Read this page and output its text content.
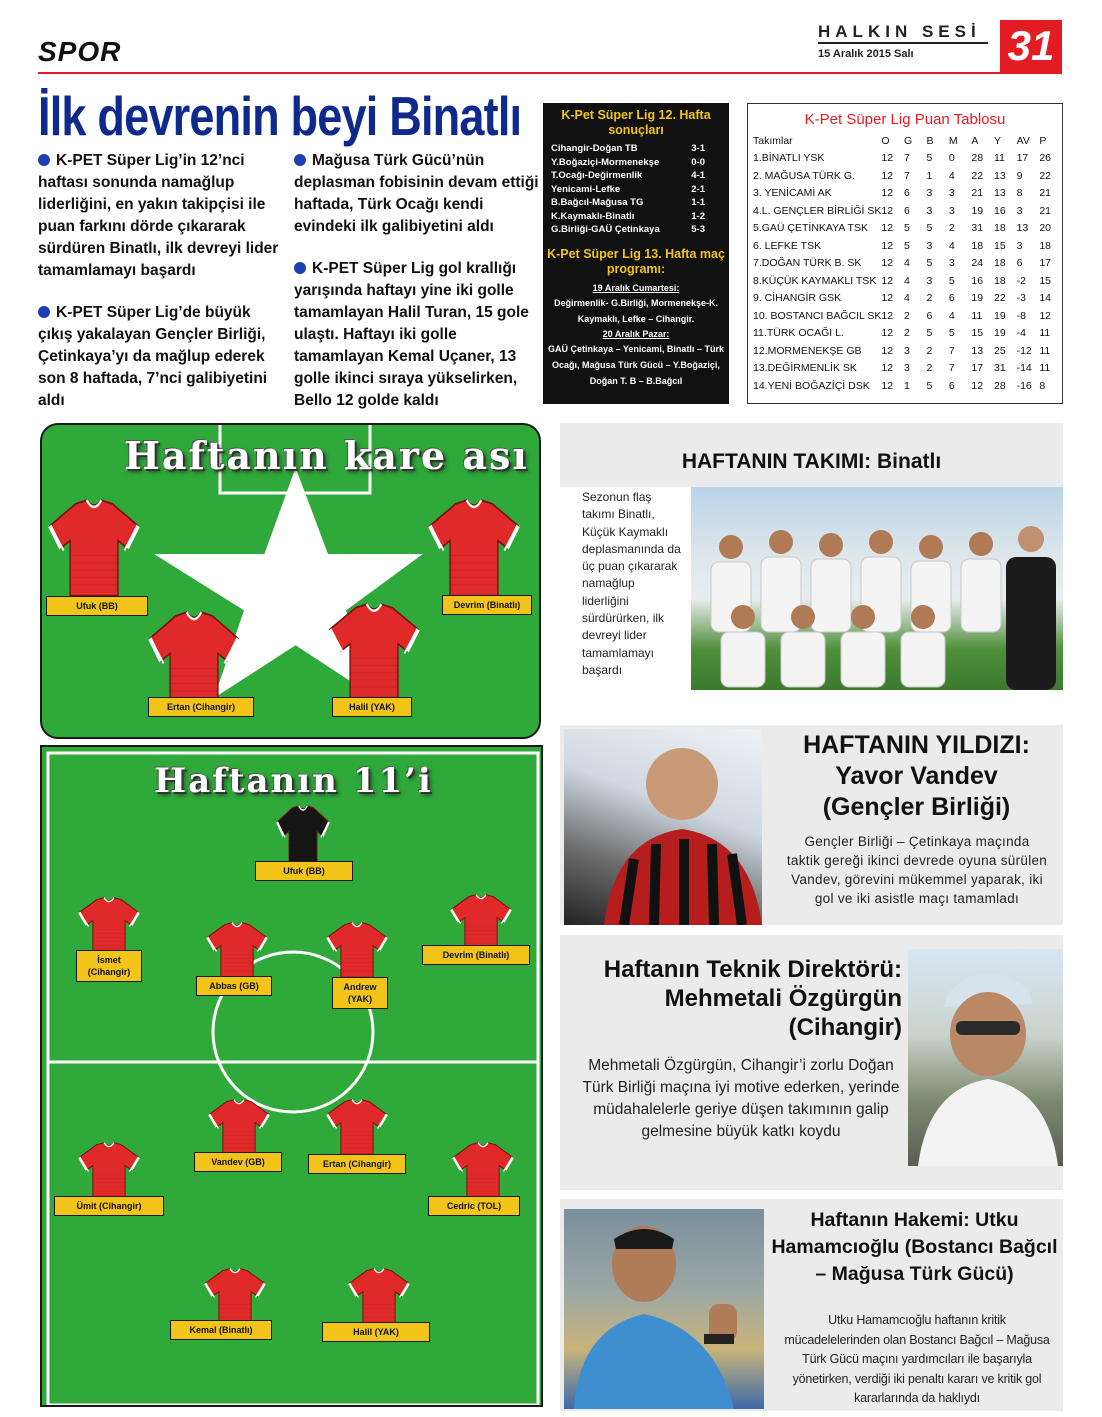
SPOR
HALKIN SESİ
15 Aralık 2015 Salı 31
İlk devrenin beyi Binatlı

K-PET Süper Lig’in 12’nci haftası sonunda namağlup liderliğini, en yakın takipçisi ile puan farkını dörde çıkararak sürdüren Binatlı, ilk devreyi lider tamamlamayı başardı

K-PET Süper Lig’de büyük çıkış yakalayan Gençler Birliği, Çetinkaya’yı da mağlup ederek son 8 haftada, 7’nci galibiyetini aldı

Mağusa Türk Gücü’nün deplasman fobisinin devam ettiği haftada, Türk Ocağı kendi evindeki ilk galibiyetini aldı

K-PET Süper Lig gol krallığı yarışında haftayı yine iki golle tamamlayan Halil Turan, 15 gole ulaştı. Haftayı iki golle tamamlayan Kemal Uçaner, 13 golle ikinci sıraya yükselirken, Bello 12 golde kaldı

K-Pet Süper Lig 12. Hafta sonuçları
Cihangir-Doğan TB	3-1
Y.Boğaziçi-Mormenekşe	0-0
T.Ocağı-Değirmenlik	4-1
Yenicami-Lefke	2-1
B.Bağcıl-Mağusa TG	1-1
K.Kaymaklı-Binatlı	1-2
G.Birliği-GAÜ Çetinkaya	5-3
K-Pet Süper Lig 13. Hafta maç programı:
19 Aralık Cumartesi:
Değirmenlik- G.Birliği, Mormenekşe-K. Kaymaklı, Lefke – Cihangir.
20 Aralık Pazar:
GAÜ Çetinkaya – Yenicami, Binatlı – Türk Ocağı, Mağusa Türk Gücü – Y.Boğaziçi, Doğan T. B – B.Bağcıl
K-Pet Süper Lig Puan Tablosu
Takımlar	O	G	B	M	A	Y	AV	P
1.BİNATLI YSK	12	7	5	0	28	11	17	26
2. MAĞUSA TÜRK G.	12	7	1	4	22	13	9	22
3. YENİCAMİ AK	12	6	3	3	21	13	8	21
4.L. GENÇLER BİRLİĞİ SK	12	6	3	3	19	16	3	21
5.GAÜ ÇETİNKAYA TSK	12	5	5	2	31	18	13	20
6. LEFKE TSK	12	5	3	4	18	15	3	18
7.DOĞAN TÜRK B. SK	12	4	5	3	24	18	6	17
8.KÜÇÜK KAYMAKLI TSK	12	4	3	5	16	18	-2	15
9. CİHANGİR GSK	12	4	2	6	19	22	-3	14
10. BOSTANCI BAĞCIL SK	12	2	6	4	11	19	-8	12
11.TÜRK OCAĞI L.	12	2	5	5	15	19	-4	11
12.MORMENEKŞE GB	12	3	2	7	13	25	-12	11
13.DEĞİRMENLİK SK	12	3	2	7	17	31	-14	11
14.YENİ BOĞAZİÇİ DSK	12	1	5	6	12	28	-16	8
Haftanın kare ası
Ufuk (BB)	Devrim (Binatlı)
Ertan (Cihangir)	Halil (YAK)
Haftanın 11’i
Ufuk (BB)
İsmet (Cihangir)
Abbas (GB)	Andrew (YAK)
Devrim (Binatlı)
Ümit (Cihangir)
Vandev (GB)	Ertan (Cihangir)
Cedric (TOL)
Kemal (Binatlı)	Halil (YAK)
HAFTANIN TAKIMI: Binatlı
Sezonun flaş takımı Binatlı, Küçük Kaymaklı deplasmanında da üç puan çıkararak namağlup liderliğini sürdürürken, ilk devreyi lider tamamlamayı başardı
HAFTANIN YILDIZI:
Yavor Vandev
(Gençler Birliği)
Gençler Birliği – Çetinkaya maçında taktik gereği ikinci devrede oyuna sürülen Vandev, görevini mükemmel yaparak, iki gol ve iki asistle maçı tamamladı
Haftanın Teknik Direktörü: Mehmetali Özgürgün (Cihangir)
Mehmetali Özgürgün, Cihangir’i zorlu Doğan Türk Birliği maçına iyi motive ederken, yerinde müdahalelerle geriye düşen takımının galip gelmesine büyük katkı koydu
Haftanın Hakemi: Utku Hamamcıoğlu (Bostancı Bağcıl – Mağusa Türk Gücü)
Utku Hamamcıoğlu haftanın kritik mücadelelerinden olan Bostancı Bağcıl – Mağusa Türk Gücü maçını yardımcıları ile başarıyla yönetirken, verdiği iki penaltı kararı ve kritik gol kararlarında da haklıydı
